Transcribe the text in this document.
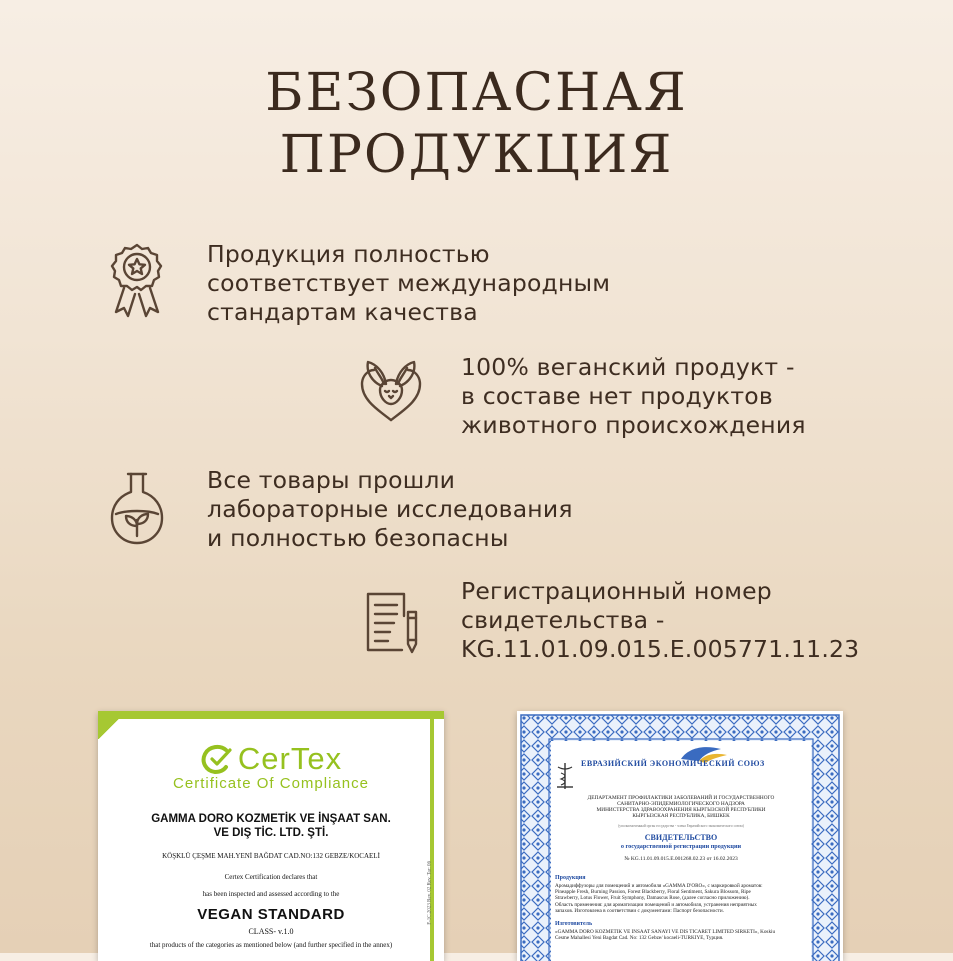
БЕЗОПАСНАЯ
ПРОДУКЦИЯ

Продукция полностью
соответствует международным
стандартам качества

100% веганский продукт -
в составе нет продуктов
животного происхождения

Все товары прошли
лабораторные исследования
и полностью безопасны

Регистрационный номер
свидетельства -
KG.11.01.09.015.E.005771.11.23

CerTex
Certificate Of Compliance
GAMMA DORO KOZMETİK VE İNŞAAT SAN.
VE DIŞ TİC. LTD. ŞTİ.
KÖŞKLÜ ÇEŞME MAH.YENİ BAĞDAT CAD.NO:132 GEBZE/KOCAELİ
Certex Certification declares that
has been inspected and assessed according to the
VEGAN STANDARD
CLASS- v.1.0
that products of the categories as mentioned below (and further specified in the annex)
F-1C.2023 Rev. 02 Rev. Tar: 06
ЕВРАЗИЙСКИЙ ЭКОНОМИЧЕСКИЙ СОЮЗ
ДЕПАРТАМЕНТ ПРОФИЛАКТИКИ ЗАБОЛЕВАНИЙ И ГОСУДАРСТВЕННОГО
САНИТАРНО-ЭПИДЕМИОЛОГИЧЕСКОГО НАДЗОРА
МИНИСТЕРСТВА ЗДРАВООХРАНЕНИЯ КЫРГЫЗСКОЙ РЕСПУБЛИКИ
КЫРГЫЗСКАЯ РЕСПУБЛИКА, БИШКЕК
(уполномоченный орган государства - члена Евразийского экономического союза)
СВИДЕТЕЛЬСТВО
о государственной регистрации продукции
№ KG.11.01.09.015.E.001268.02.23 от 16.02.2023
Продукция
Аромадиффузоры для помещений и автомобиля «GAMMA D'ORO», с маркировкой ароматов:
Pineapple Fresh, Burning Passion, Forest Blackberry, Floral Sentiment, Sakura Blossom, Ripe
Strawberry, Lotus Flower, Fruit Symphony, Damascus Rose, (далее согласно приложению).
Область применения: для ароматизации помещений и автомобиля, устранения неприятных
запахов. Изготовлена в соответствии с документами: Паспорт безопасности.
Изготовитель
«GAMMA DORO KOZMETIK VE INSAAT SANAYI VE DIS TICARET LIMITED SIRKETI», Koskiu
Cesme Mahallesi Yeni Bagdat Cad. No: 132 Gebze/ kocaeli-TURKIYE, Турция.
